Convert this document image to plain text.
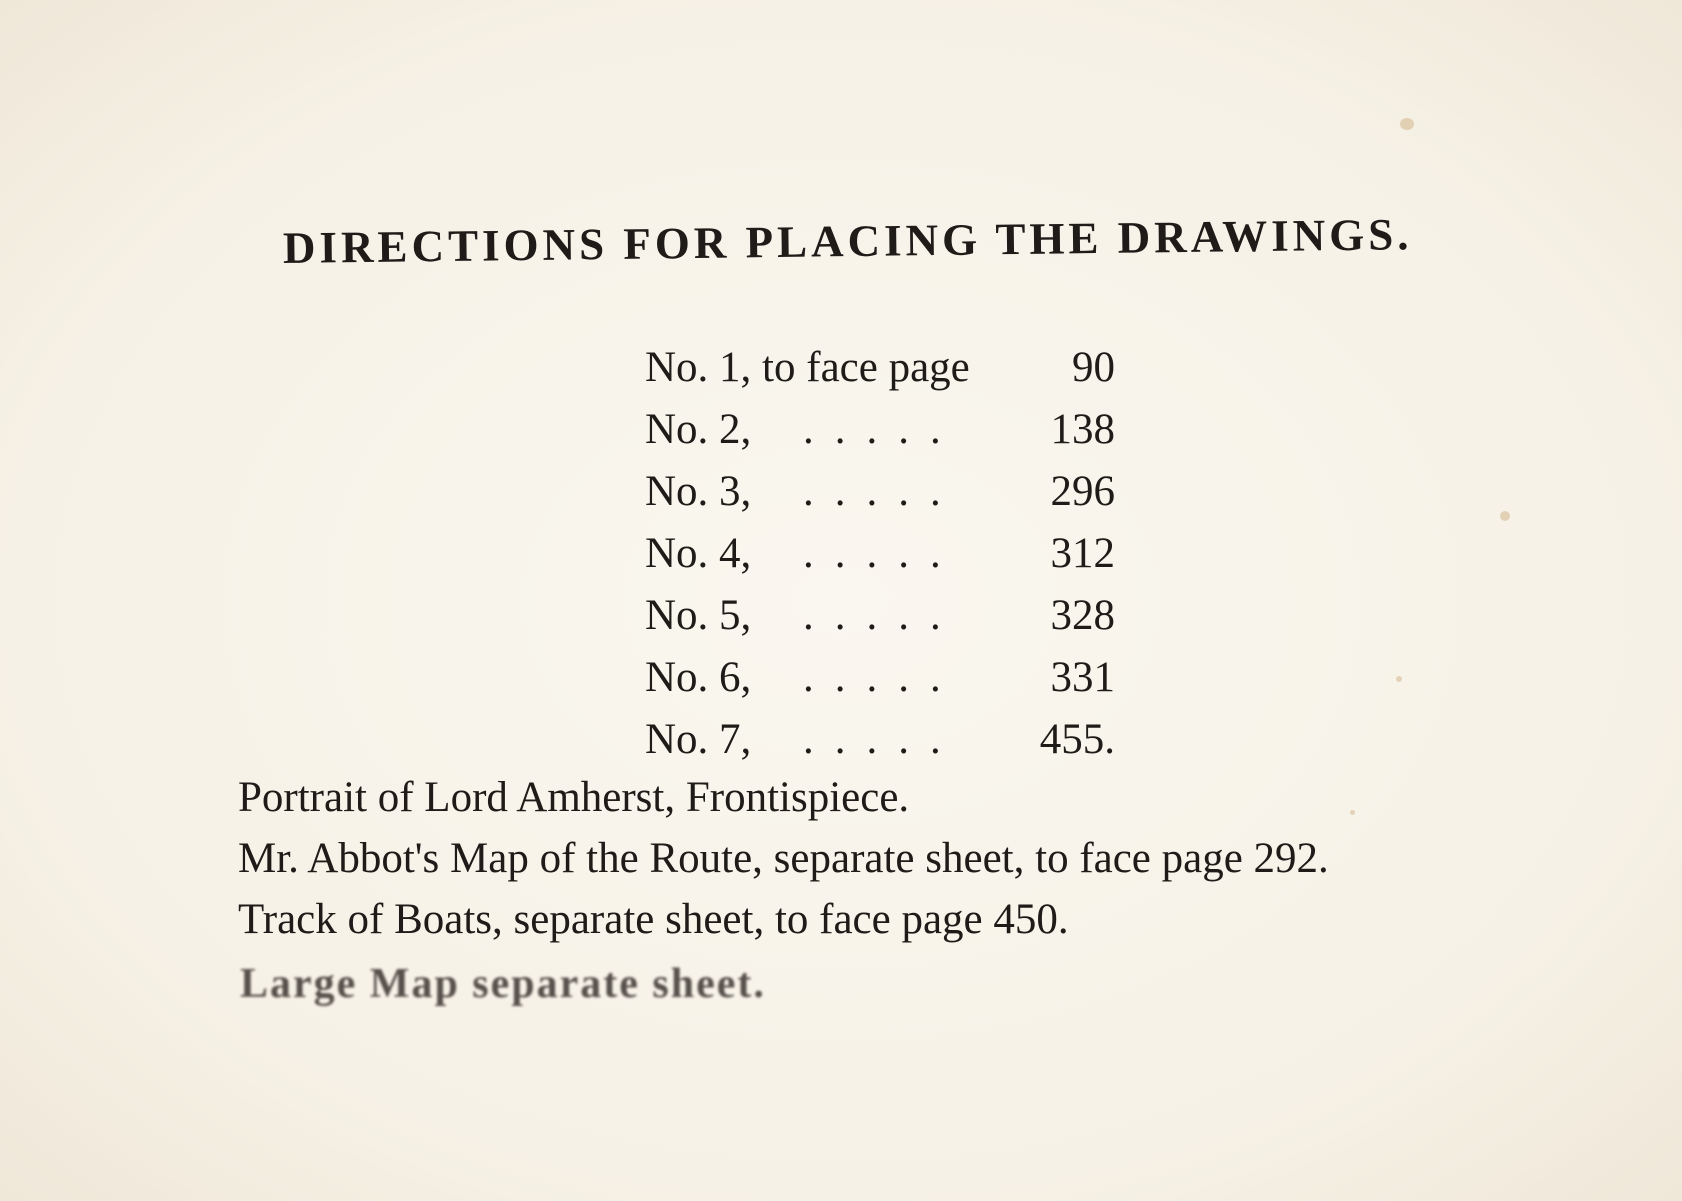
DIRECTIONS FOR PLACING THE DRAWINGS.
No. 1, to face page 90
No. 2, ..... 138
No. 3, ..... 296
No. 4, ..... 312
No. 5, ..... 328
No. 6, ..... 331
No. 7, ..... 455.
Portrait of Lord Amherst, Frontispiece.
Mr. Abbot's Map of the Route, separate sheet, to face page 292.
Track of Boats, separate sheet, to face page 450.
Large Map separate sheet.
